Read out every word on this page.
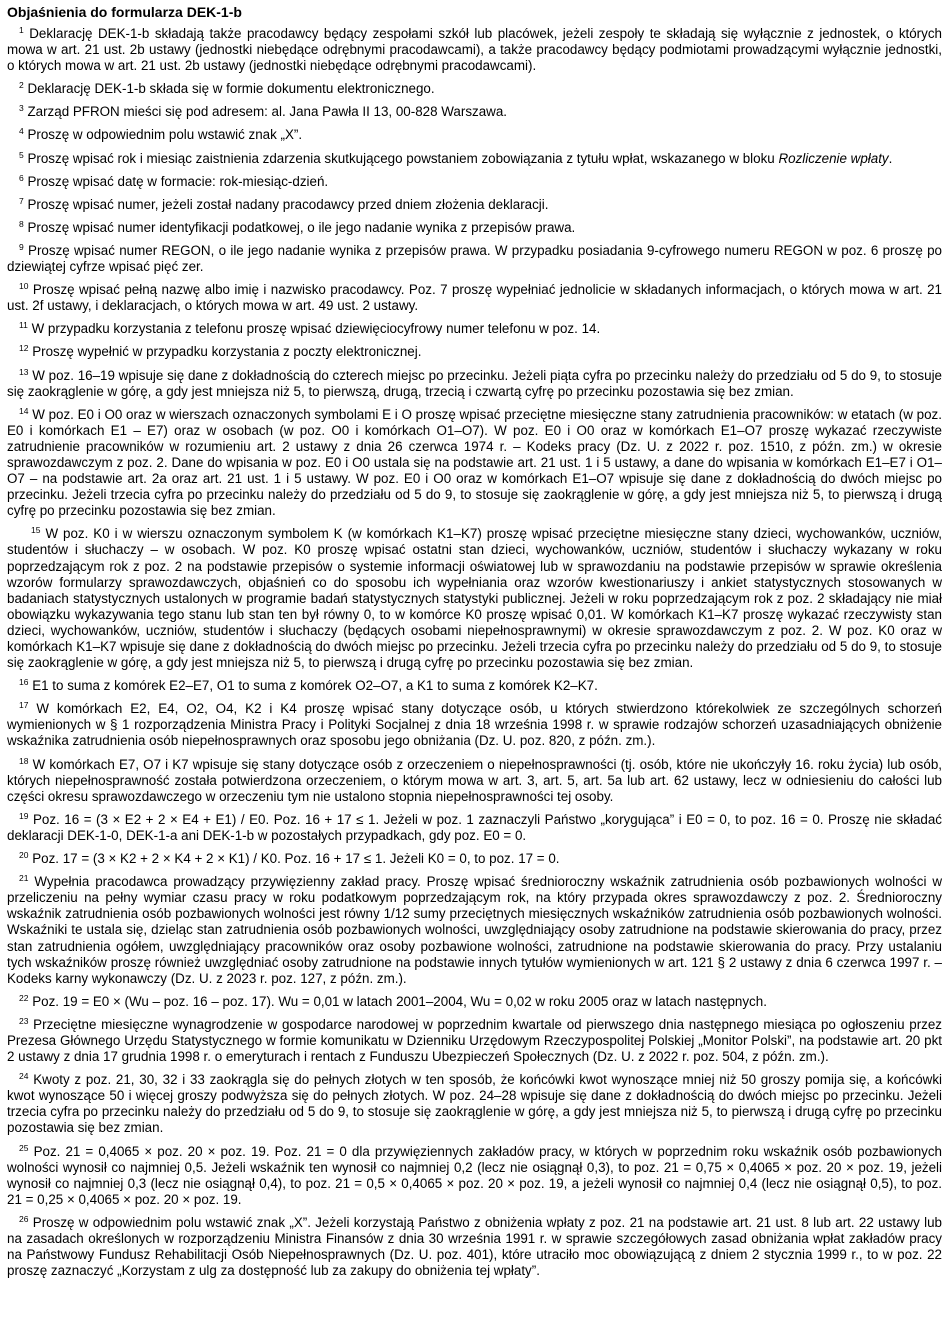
Objaśnienia do formularza DEK-1-b

$^1$ Deklarację DEK-1-b składają także pracodawcy będący zespołami szkół lub placówek, jeżeli zespoły te składają się wyłącznie z jednostek, o których mowa w art. 21 ust. 2b ustawy (jednostki niebędące odrębnymi pracodawcami), a także pracodawcy będący podmiotami prowadzącymi wyłącznie jednostki, o których mowa w art. 21 ust. 2b ustawy (jednostki niebędące odrębnymi pracodawcami).

$^2$ Deklarację DEK-1-b składa się w formie dokumentu elektronicznego.

$^3$ Zarząd PFRON mieści się pod adresem: al. Jana Pawła II 13, 00-828 Warszawa.

$^4$ Proszę w odpowiednim polu wstawić znak „X”.

$^5$ Proszę wpisać rok i miesiąc zaistnienia zdarzenia skutkującego powstaniem zobowiązania z tytułu wpłat, wskazanego w bloku Rozliczenie wpłaty.

$^6$ Proszę wpisać datę w formacie: rok-miesiąc-dzień.

$^7$ Proszę wpisać numer, jeżeli został nadany pracodawcy przed dniem złożenia deklaracji.

$^8$ Proszę wpisać numer identyfikacji podatkowej, o ile jego nadanie wynika z przepisów prawa.

$^9$ Proszę wpisać numer REGON, o ile jego nadanie wynika z przepisów prawa. W przypadku posiadania 9-cyfrowego numeru REGON w poz. 6 proszę po dziewiątej cyfrze wpisać pięć zer.

$^{10}$ Proszę wpisać pełną nazwę albo imię i nazwisko pracodawcy. Poz. 7 proszę wypełniać jednolicie w składanych informacjach, o których mowa w art. 21 ust. 2f ustawy, i deklaracjach, o których mowa w art. 49 ust. 2 ustawy.

$^{11}$ W przypadku korzystania z telefonu proszę wpisać dziewięciocyfrowy numer telefonu w poz. 14.

$^{12}$ Proszę wypełnić w przypadku korzystania z poczty elektronicznej.

$^{13}$ W poz. 16–19 wpisuje się dane z dokładnością do czterech miejsc po przecinku. Jeżeli piąta cyfra po przecinku należy do przedziału od 5 do 9, to stosuje się zaokrąglenie w górę, a gdy jest mniejsza niż 5, to pierwszą, drugą, trzecią i czwartą cyfrę po przecinku pozostawia się bez zmian.

$^{14}$ W poz. E0 i O0 oraz w wierszach oznaczonych symbolami E i O proszę wpisać przeciętne miesięczne stany zatrudnienia pracowników: w etatach (w poz. E0 i komórkach E1 – E7) oraz w osobach (w poz. O0 i komórkach O1–O7). W poz. E0 i O0 oraz w komórkach E1–O7 proszę wykazać rzeczywiste zatrudnienie pracowników w rozumieniu art. 2 ustawy z dnia 26 czerwca 1974 r. – Kodeks pracy (Dz. U. z 2022 r. poz. 1510, z późn. zm.) w okresie sprawozdawczym z poz. 2. Dane do wpisania w poz. E0 i O0 ustala się na podstawie art. 21 ust. 1 i 5 ustawy, a dane do wpisania w komórkach E1–E7 i O1–O7 – na podstawie art. 2a oraz art. 21 ust. 1 i 5 ustawy. W poz. E0 i O0 oraz w komórkach E1–O7 wpisuje się dane z dokładnością do dwóch miejsc po przecinku. Jeżeli trzecia cyfra po przecinku należy do przedziału od 5 do 9, to stosuje się zaokrąglenie w górę, a gdy jest mniejsza niż 5, to pierwszą i drugą cyfrę po przecinku pozostawia się bez zmian.

$^{15}$ W poz. K0 i w wierszu oznaczonym symbolem K (w komórkach K1–K7) proszę wpisać przeciętne miesięczne stany dzieci, wychowanków, uczniów, studentów i słuchaczy – w osobach. W poz. K0 proszę wpisać ostatni stan dzieci, wychowanków, uczniów, studentów i słuchaczy wykazany w roku poprzedzającym rok z poz. 2 na podstawie przepisów o systemie informacji oświatowej lub w sprawozdaniu na podstawie przepisów w sprawie określenia wzorów formularzy sprawozdawczych, objaśnień co do sposobu ich wypełniania oraz wzorów kwestionariuszy i ankiet statystycznych stosowanych w badaniach statystycznych ustalonych w programie badań statystycznych statystyki publicznej. Jeżeli w roku poprzedzającym rok z poz. 2 składający nie miał obowiązku wykazywania tego stanu lub stan ten był równy 0, to w komórce K0 proszę wpisać 0,01. W komórkach K1–K7 proszę wykazać rzeczywisty stan dzieci, wychowanków, uczniów, studentów i słuchaczy (będących osobami niepełnosprawnymi) w okresie sprawozdawczym z poz. 2. W poz. K0 oraz w komórkach K1–K7 wpisuje się dane z dokładnością do dwóch miejsc po przecinku. Jeżeli trzecia cyfra po przecinku należy do przedziału od 5 do 9, to stosuje się zaokrąglenie w górę, a gdy jest mniejsza niż 5, to pierwszą i drugą cyfrę po przecinku pozostawia się bez zmian.

$^{16}$ E1 to suma z komórek E2–E7, O1 to suma z komórek O2–O7, a K1 to suma z komórek K2–K7.

$^{17}$ W komórkach E2, E4, O2, O4, K2 i K4 proszę wpisać stany dotyczące osób, u których stwierdzono którekolwiek ze szczególnych schorzeń wymienionych w § 1 rozporządzenia Ministra Pracy i Polityki Socjalnej z dnia 18 września 1998 r. w sprawie rodzajów schorzeń uzasadniających obniżenie wskaźnika zatrudnienia osób niepełnosprawnych oraz sposobu jego obniżania (Dz. U. poz. 820, z późn. zm.).

$^{18}$ W komórkach E7, O7 i K7 wpisuje się stany dotyczące osób z orzeczeniem o niepełnosprawności (tj. osób, które nie ukończyły 16. roku życia) lub osób, których niepełnosprawność została potwierdzona orzeczeniem, o którym mowa w art. 3, art. 5, art. 5a lub art. 62 ustawy, lecz w odniesieniu do całości lub części okresu sprawozdawczego w orzeczeniu tym nie ustalono stopnia niepełnosprawności tej osoby.

$^{19}$ Poz. 16 = (3 × E2 + 2 × E4 + E1) / E0. Poz. 16 + 17 ≤ 1. Jeżeli w poz. 1 zaznaczyli Państwo „korygująca” i E0 = 0, to poz. 16 = 0. Proszę nie składać deklaracji DEK-1-0, DEK-1-a ani DEK-1-b w pozostałych przypadkach, gdy poz. E0 = 0.

$^{20}$ Poz. 17 = (3 × K2 + 2 × K4 + 2 × K1) / K0. Poz. 16 + 17 ≤ 1. Jeżeli K0 = 0, to poz. 17 = 0.

$^{21}$ Wypełnia pracodawca prowadzący przywięzienny zakład pracy. Proszę wpisać średnioroczny wskaźnik zatrudnienia osób pozbawionych wolności w przeliczeniu na pełny wymiar czasu pracy w roku podatkowym poprzedzającym rok, na który przypada okres sprawozdawczy z poz. 2. Średnioroczny wskaźnik zatrudnienia osób pozbawionych wolności jest równy 1/12 sumy przeciętnych miesięcznych wskaźników zatrudnienia osób pozbawionych wolności. Wskaźniki te ustala się, dzieląc stan zatrudnienia osób pozbawionych wolności, uwzględniający osoby zatrudnione na podstawie skierowania do pracy, przez stan zatrudnienia ogółem, uwzględniający pracowników oraz osoby pozbawione wolności, zatrudnione na podstawie skierowania do pracy. Przy ustalaniu tych wskaźników proszę również uwzględniać osoby zatrudnione na podstawie innych tytułów wymienionych w art. 121 § 2 ustawy z dnia 6 czerwca 1997 r. – Kodeks karny wykonawczy (Dz. U. z 2023 r. poz. 127, z późn. zm.).

$^{22}$ Poz. 19 = E0 × (Wu – poz. 16 – poz. 17). Wu = 0,01 w latach 2001–2004, Wu = 0,02 w roku 2005 oraz w latach następnych.

$^{23}$ Przeciętne miesięczne wynagrodzenie w gospodarce narodowej w poprzednim kwartale od pierwszego dnia następnego miesiąca po ogłoszeniu przez Prezesa Głównego Urzędu Statystycznego w formie komunikatu w Dzienniku Urzędowym Rzeczypospolitej Polskiej „Monitor Polski”, na podstawie art. 20 pkt 2 ustawy z dnia 17 grudnia 1998 r. o emeryturach i rentach z Funduszu Ubezpieczeń Społecznych (Dz. U. z 2022 r. poz. 504, z późn. zm.).

$^{24}$ Kwoty z poz. 21, 30, 32 i 33 zaokrągla się do pełnych złotych w ten sposób, że końcówki kwot wynoszące mniej niż 50 groszy pomija się, a końcówki kwot wynoszące 50 i więcej groszy podwyższa się do pełnych złotych. W poz. 24–28 wpisuje się dane z dokładnością do dwóch miejsc po przecinku. Jeżeli trzecia cyfra po przecinku należy do przedziału od 5 do 9, to stosuje się zaokrąglenie w górę, a gdy jest mniejsza niż 5, to pierwszą i drugą cyfrę po przecinku pozostawia się bez zmian.

$^{25}$ Poz. 21 = 0,4065 × poz. 20 × poz. 19. Poz. 21 = 0 dla przywięziennych zakładów pracy, w których w poprzednim roku wskaźnik osób pozbawionych wolności wynosił co najmniej 0,5. Jeżeli wskaźnik ten wynosił co najmniej 0,2 (lecz nie osiągnął 0,3), to poz. 21 = 0,75 × 0,4065 × poz. 20 × poz. 19, jeżeli wynosił co najmniej 0,3 (lecz nie osiągnął 0,4), to poz. 21 = 0,5 × 0,4065 × poz. 20 × poz. 19, a jeżeli wynosił co najmniej 0,4 (lecz nie osiągnął 0,5), to poz. 21 = 0,25 × 0,4065 × poz. 20 × poz. 19.

$^{26}$ Proszę w odpowiednim polu wstawić znak „X”. Jeżeli korzystają Państwo z obniżenia wpłaty z poz. 21 na podstawie art. 21 ust. 8 lub art. 22 ustawy lub na zasadach określonych w rozporządzeniu Ministra Finansów z dnia 30 września 1991 r. w sprawie szczegółowych zasad obniżania wpłat zakładów pracy na Państwowy Fundusz Rehabilitacji Osób Niepełnosprawnych (Dz. U. poz. 401), które utraciło moc obowiązującą z dniem 2 stycznia 1999 r., to w poz. 22 proszę zaznaczyć „Korzystam z ulg za dostępność lub za zakupy do obniżenia tej wpłaty”.
